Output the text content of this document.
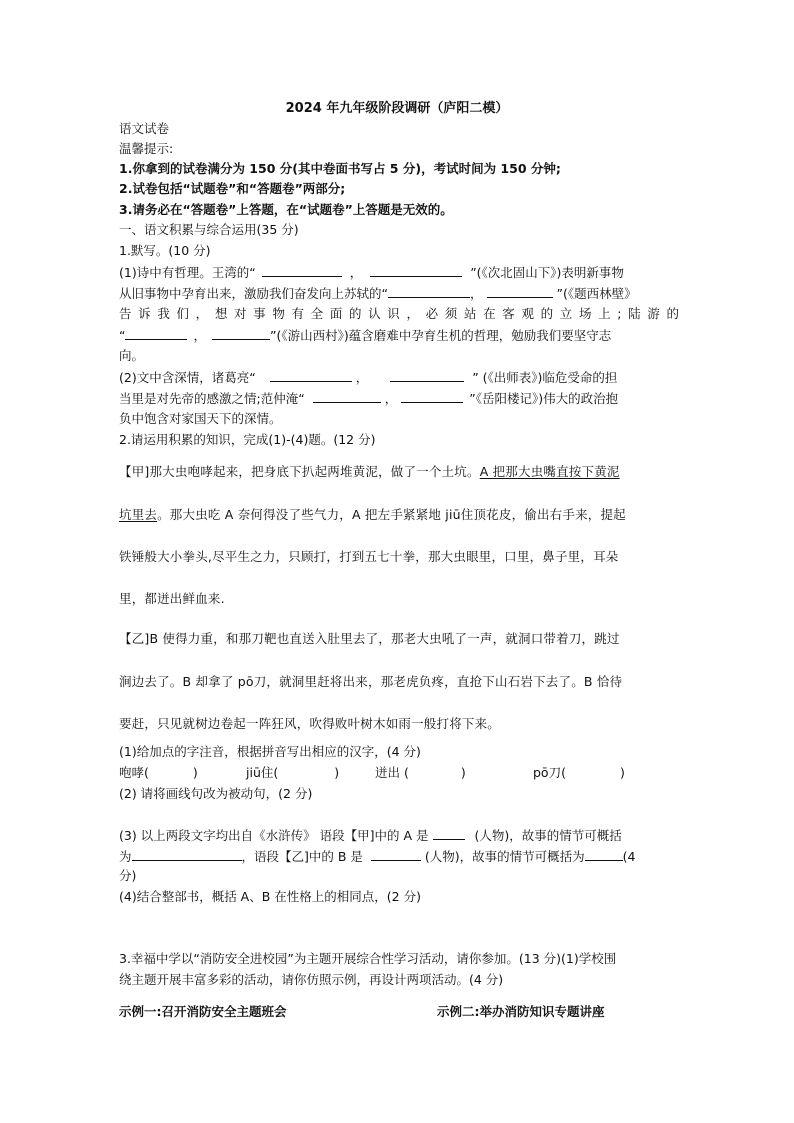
2024 年九年级阶段调研（庐阳二模）
语文试卷
温馨提示:
1.你拿到的试卷满分为 150 分(其中卷面书写占 5 分)，考试时间为 150 分钟;
2.试卷包括“试题卷”和“答题卷”两部分;
3.请务必在“答题卷”上答题，在“试题卷”上答题是无效的。
一、语文积累与综合运用(35 分)
1.默写。(10 分)
(1)诗中有哲理。王湾的“	，	”(《次北固山下》)表明新事物
从旧事物中孕育出来，激励我们奋发向上苏轼的“	，	”(《题西林壁》
告诉我们，想对事物有全面的认识，必须站在客观的立场上;陆游的
“	，	”(《游山西村》)蕴含磨难中孕育生机的哲理，勉励我们要坚守志
向。
(2)文中含深情，诸葛亮“	，	” (《出师表》)临危受命的担
当里是对先帝的感激之情;范仲淹“	，	”《岳阳楼记》)伟大的政治抱
负中饱含对家国天下的深情。
2.请运用积累的知识，完成(1)-(4)题。(12 分)
【甲]那大虫咆哮起来，把身底下扒起两堆黄泥，做了一个土坑。A 把那大虫嘴直按下黄泥
坑里去。那大虫吃 A 奈何得没了些气力，A 把左手紧紧地 jiū住顶花皮，偷出右手来，提起
铁锤般大小拳头,尽平生之力，只顾打，打到五七十拳，那大虫眼里，口里，鼻子里，耳朵
里，都迸出鲜血来.
【乙]B 使得力重，和那刀靶也直送入肚里去了，那老大虫吼了一声，就洞口带着刀，跳过
涧边去了。B 却拿了 pō刀，就洞里赶将出来，那老虎负疼，直抢下山石岩下去了。B 恰待
要赶，只见就树边卷起一阵狂风，吹得败叶树木如雨一般打将下来。
(1)给加点的字注音，根据拼音写出相应的汉字，(4 分)
咆哮(	)	jiū住(	)	迸出 (	)	pō刀(	)
(2) 请将画线句改为被动句，(2 分)
(3) 以上两段文字均出自《水浒传》 语段【甲]中的 A 是	(人物)，故事的情节可概括
为	，语段【乙]中的 B 是	(人物)，故事的情节可概括为	(4
分)
(4)结合整部书，概括 A、B 在性格上的相同点，(2 分)
3.幸福中学以“消防安全进校园”为主题开展综合性学习活动，请你参加。(13 分)(1)学校围
绕主题开展丰富多彩的活动，请你仿照示例，再设计两项活动。(4 分)
示例一:召开消防安全主题班会	示例二:举办消防知识专题讲座
